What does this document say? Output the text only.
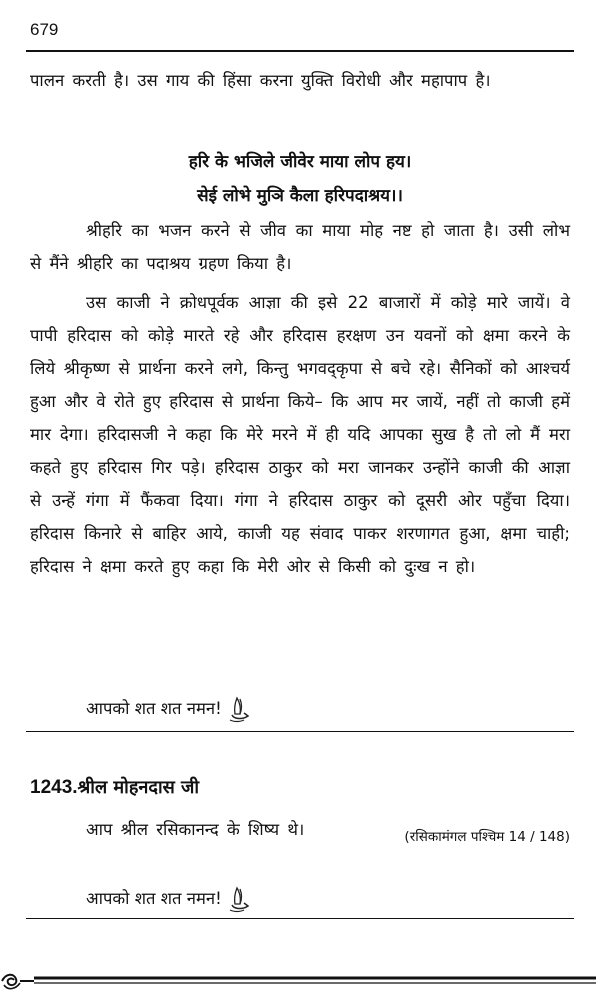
679

पालन करती है। उस गाय की हिंसा करना युक्ति विरोधी और महापाप है।

हरि के भजिले जीवेर माया लोप हय।

सेई लोभे मुञि कैला हरिपदाश्रय।।

श्रीहरि का भजन करने से जीव का माया मोह नष्ट हो जाता है। उसी लोभ से मैंने श्रीहरि का पदाश्रय ग्रहण किया है।

उस काजी ने क्रोधपूर्वक आज्ञा की इसे 22 बाजारों में कोड़े मारे जायें। वे पापी हरिदास को कोड़े मारते रहे और हरिदास हरक्षण उन यवनों को क्षमा करने के लिये श्रीकृष्ण से प्रार्थना करने लगे, किन्तु भगवद्कृपा से बचे रहे। सैनिकों को आश्चर्य हुआ और वे रोते हुए हरिदास से प्रार्थना किये– कि आप मर जायें, नहीं तो काजी हमें मार देगा। हरिदासजी ने कहा कि मेरे मरने में ही यदि आपका सुख है तो लो मैं मरा कहते हुए हरिदास गिर पड़े। हरिदास ठाकुर को मरा जानकर उन्होंने काजी की आज्ञा से उन्हें गंगा में फैंकवा दिया। गंगा ने हरिदास ठाकुर को दूसरी ओर पहुँचा दिया। हरिदास किनारे से बाहिर आये, काजी यह संवाद पाकर शरणागत हुआ, क्षमा चाही; हरिदास ने क्षमा करते हुए कहा कि मेरी ओर से किसी को दुःख न हो।

आपको शत शत नमन!
1243.श्रील मोहनदास जी

आप श्रील रसिकानन्द के शिष्य थे।	(रसिकामंगल पश्चिम 14 / 148)
आपको शत शत नमन!
